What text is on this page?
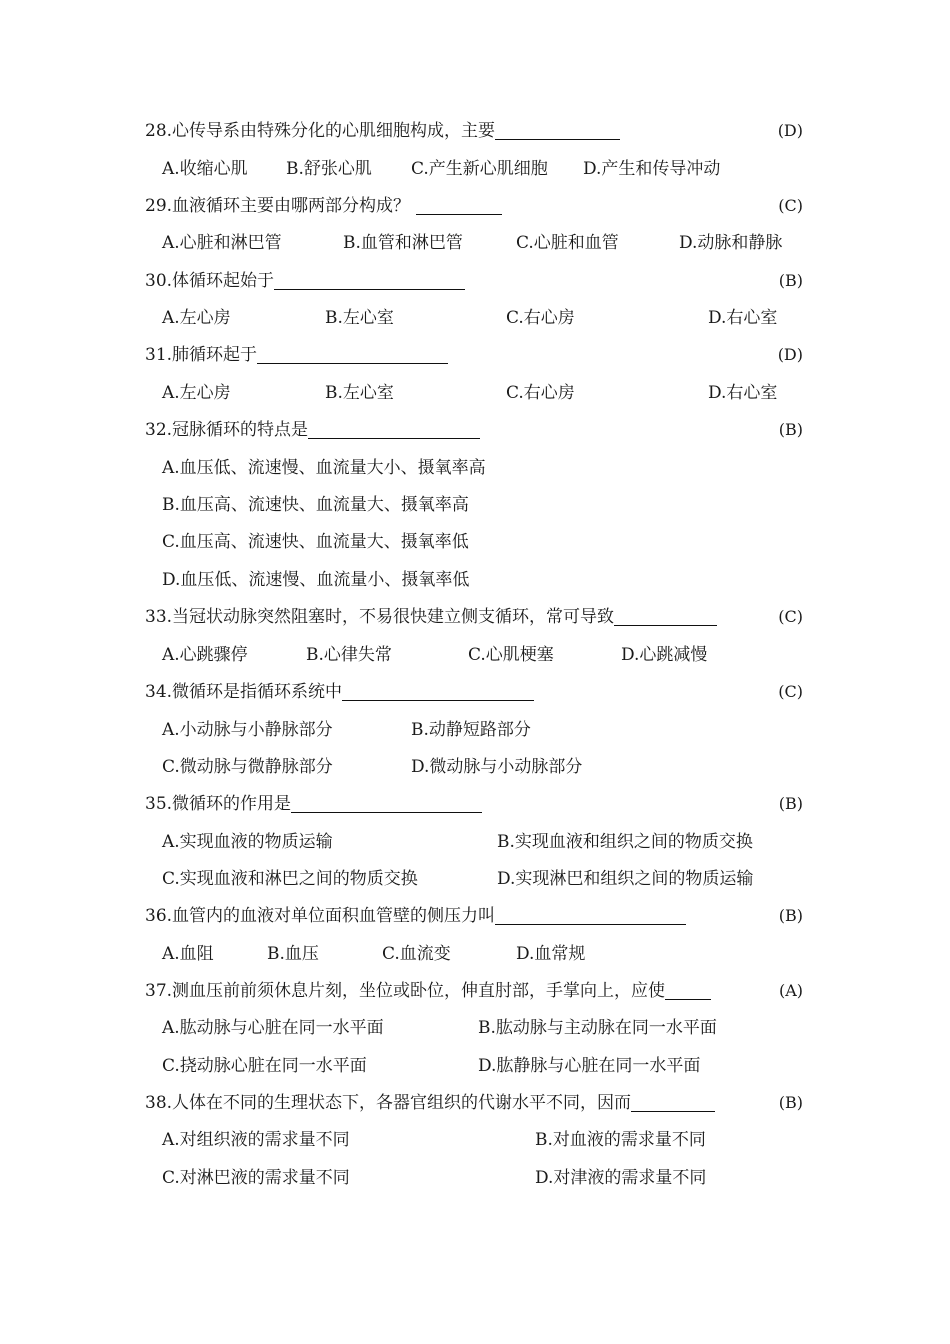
28.心传导系由特殊分化的心肌细胞构成，主要	(D)
A.收缩心肌 B.舒张心肌 C.产生新心肌细胞 D.产生和传导冲动
29.血液循环主要由哪两部分构成？	(C)
A.心脏和淋巴管	B.血管和淋巴管	C.心脏和血管	D.动脉和静脉
30.体循环起始于	(B)
A.左心房	B.左心室	C.右心房	D.右心室
31.肺循环起于	(D)
A.左心房	B.左心室	C.右心房	D.右心室
32.冠脉循环的特点是	(B)
A.血压低、流速慢、血流量大小、摄氧率高
B.血压高、流速快、血流量大、摄氧率高
C.血压高、流速快、血流量大、摄氧率低
D.血压低、流速慢、血流量小、摄氧率低
33.当冠状动脉突然阻塞时，不易很快建立侧支循环，常可导致	(C)
A.心跳骤停	B.心律失常	C.心肌梗塞	D.心跳减慢
34.微循环是指循环系统中	(C)
A.小动脉与小静脉部分	B.动静短路部分
C.微动脉与微静脉部分	D.微动脉与小动脉部分
35.微循环的作用是	(B)
A.实现血液的物质运输	B.实现血液和组织之间的物质交换
C.实现血液和淋巴之间的物质交换	D.实现淋巴和组织之间的物质运输
36.血管内的血液对单位面积血管壁的侧压力叫	(B)
A.血阻	B.血压	C.血流变	D.血常规
37.测血压前前须休息片刻，坐位或卧位，伸直肘部，手掌向上，应使	(A)
A.肱动脉与心脏在同一水平面	B.肱动脉与主动脉在同一水平面
C.挠动脉心脏在同一水平面	D.肱静脉与心脏在同一水平面
38.人体在不同的生理状态下，各器官组织的代谢水平不同，因而	(B)
A.对组织液的需求量不同	B.对血液的需求量不同
C.对淋巴液的需求量不同	D.对津液的需求量不同
